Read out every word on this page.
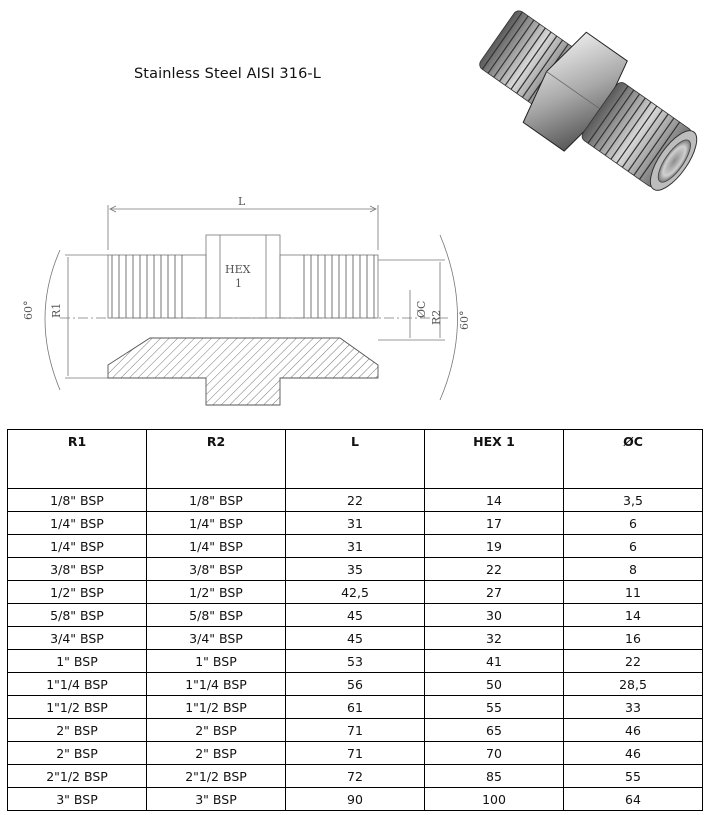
Stainless Steel AISI 316-L
L
HEX
1
R1
60°	ØC R2 60°
R1	R2	L	HEX 1	ØC
1/8" BSP	1/8" BSP	22	14	3,5
1/4" BSP	1/4" BSP	31	17	6
1/4" BSP	1/4" BSP	31	19	6
3/8" BSP	3/8" BSP	35	22	8
1/2" BSP	1/2" BSP	42,5	27	11
5/8" BSP	5/8" BSP	45	30	14
3/4" BSP	3/4" BSP	45	32	16
1" BSP	1" BSP	53	41	22
1"1/4 BSP	1"1/4 BSP	56	50	28,5
1"1/2 BSP	1"1/2 BSP	61	55	33
2" BSP	2" BSP	71	65	46
2" BSP	2" BSP	71	70	46
2"1/2 BSP	2"1/2 BSP	72	85	55
3" BSP	3" BSP	90	100	64
